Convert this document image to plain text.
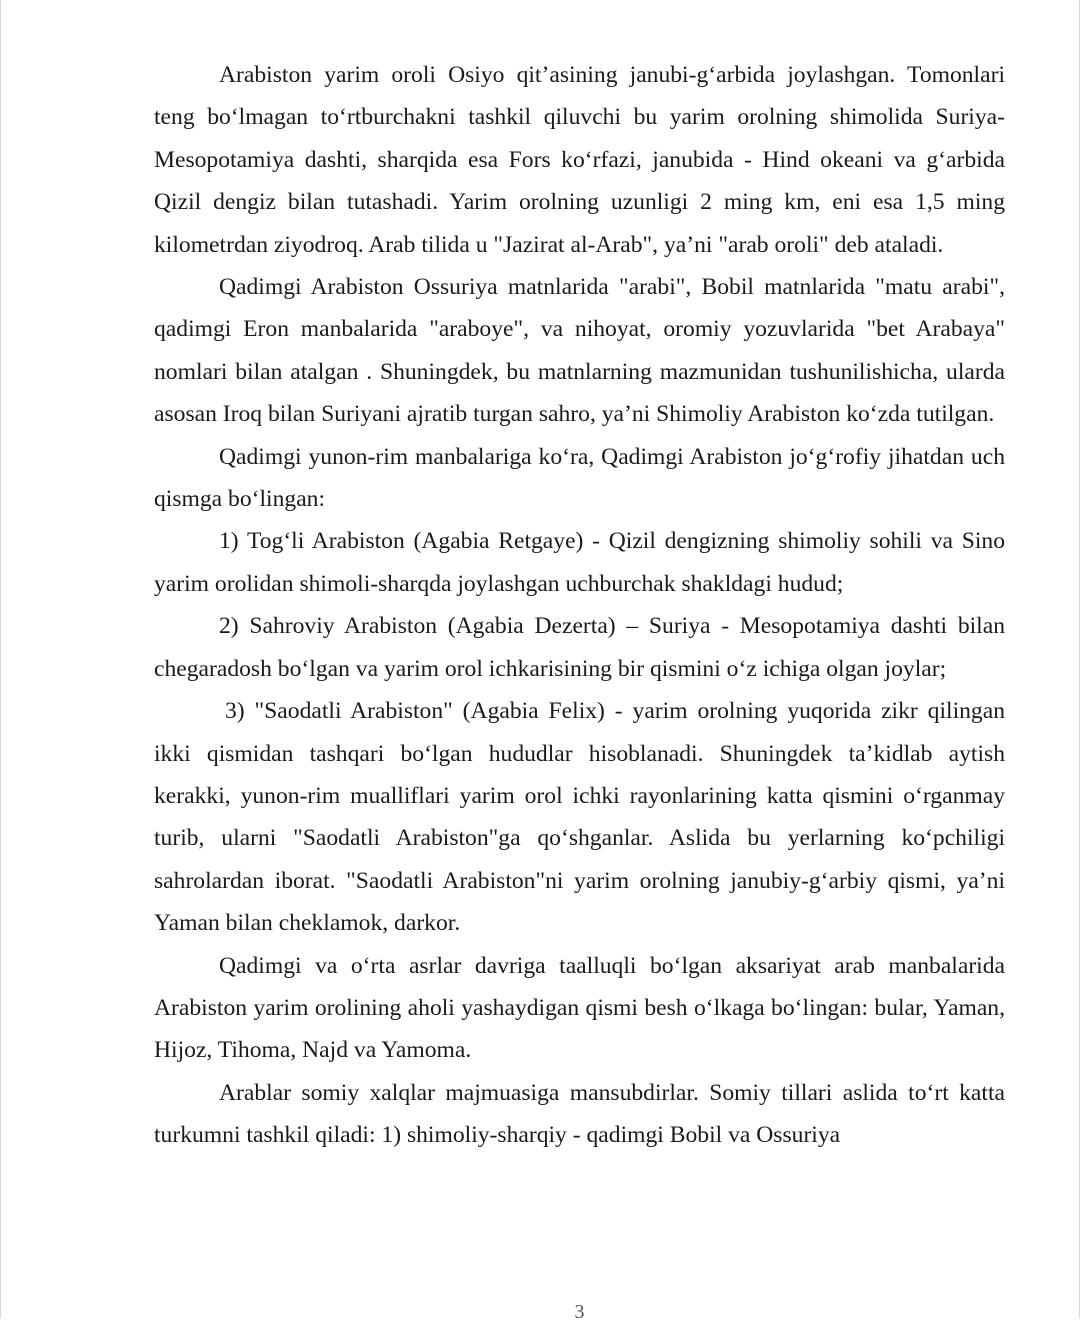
Arabiston yarim oroli Osiyo qit’asining janubi-g‘arbida joylashgan. Tomonlari teng bo‘lmagan to‘rtburchakni tashkil qiluvchi bu yarim orolning shimolida Suriya-Mesopotamiya dashti, sharqida esa Fors ko‘rfazi, janubida - Hind okeani va g‘arbida Qizil dengiz bilan tutashadi. Yarim orolning uzunligi 2 ming km, eni esa 1,5 ming kilometrdan ziyodroq. Arab tilida u "Jazirat al-Arab", ya’ni "arab oroli" deb ataladi.

Qadimgi Arabiston Ossuriya matnlarida "arabi", Bobil matnlarida "matu arabi", qadimgi Eron manbalarida "araboye", va nihoyat, oromiy yozuvlarida "bet Arabaya" nomlari bilan atalgan . Shuningdek, bu matnlarning mazmunidan tushunilishicha, ularda asosan Iroq bilan Suriyani ajratib turgan sahro, ya’ni Shimoliy Arabiston ko‘zda tutilgan.

Qadimgi yunon-rim manbalariga ko‘ra, Qadimgi Arabiston jo‘g‘rofiy jihatdan uch qismga bo‘lingan:

1) Tog‘li Arabiston (Agabia Retgaye) - Qizil dengizning shimoliy sohili va Sino yarim orolidan shimoli-sharqda joylashgan uchburchak shakldagi hudud;

2) Sahroviy Arabiston (Agabia Dezerta) – Suriya - Mesopotamiya dashti bilan chegaradosh bo‘lgan va yarim orol ichkarisining bir qismini o‘z ichiga olgan joylar;

3) "Saodatli Arabiston" (Agabia Felix) - yarim orolning yuqorida zikr qilingan ikki qismidan tashqari bo‘lgan hududlar hisoblanadi. Shuningdek ta’kidlab aytish kerakki, yunon-rim mualliflari yarim orol ichki rayonlarining katta qismini o‘rganmay turib, ularni "Saodatli Arabiston"ga qo‘shganlar. Aslida bu yerlarning ko‘pchiligi sahrolardan iborat. "Saodatli Arabiston"ni yarim orolning janubiy-g‘arbiy qismi, ya’ni Yaman bilan cheklamok, darkor.

Qadimgi va o‘rta asrlar davriga taalluqli bo‘lgan aksariyat arab manbalarida Arabiston yarim orolining aholi yashaydigan qismi besh o‘lkaga bo‘lingan: bular, Yaman, Hijoz, Tihoma, Najd va Yamoma.

Arablar somiy xalqlar majmuasiga mansubdirlar. Somiy tillari aslida to‘rt katta turkumni tashkil qiladi: 1) shimoliy-sharqiy - qadimgi Bobil va Ossuriya

3
